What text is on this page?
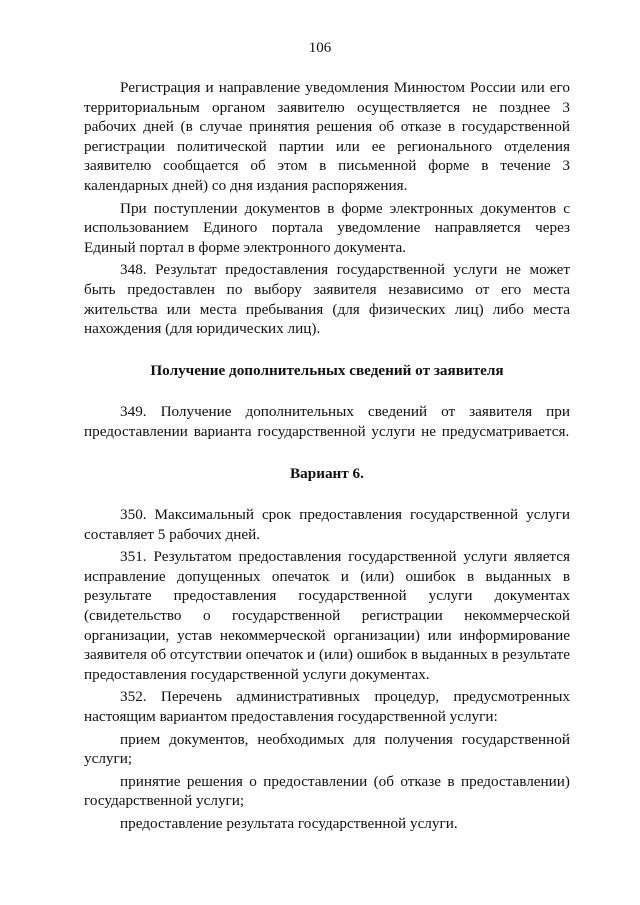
106

Регистрация и направление уведомления Минюстом России или его территориальным органом заявителю осуществляется не позднее 3 рабочих дней (в случае принятия решения об отказе в государственной регистрации политической партии или ее регионального отделения заявителю сообщается об этом в письменной форме в течение 3 календарных дней) со дня издания распоряжения.

При поступлении документов в форме электронных документов с использованием Единого портала уведомление направляется через Единый портал в форме электронного документа.

348. Результат предоставления государственной услуги не может быть предоставлен по выбору заявителя независимо от его места жительства или места пребывания (для физических лиц) либо места нахождения (для юридических лиц).

Получение дополнительных сведений от заявителя

349. Получение дополнительных сведений от заявителя при предоставлении варианта государственной услуги не предусматривается.

Вариант 6.

350. Максимальный срок предоставления государственной услуги составляет 5 рабочих дней.

351. Результатом предоставления государственной услуги является исправление допущенных опечаток и (или) ошибок в выданных в результате предоставления государственной услуги документах (свидетельство о государственной регистрации некоммерческой организации, устав некоммерческой организации) или информирование заявителя об отсутствии опечаток и (или) ошибок в выданных в результате предоставления государственной услуги документах.

352. Перечень административных процедур, предусмотренных настоящим вариантом предоставления государственной услуги:

прием документов, необходимых для получения государственной услуги;

принятие решения о предоставлении (об отказе в предоставлении) государственной услуги;

предоставление результата государственной услуги.
